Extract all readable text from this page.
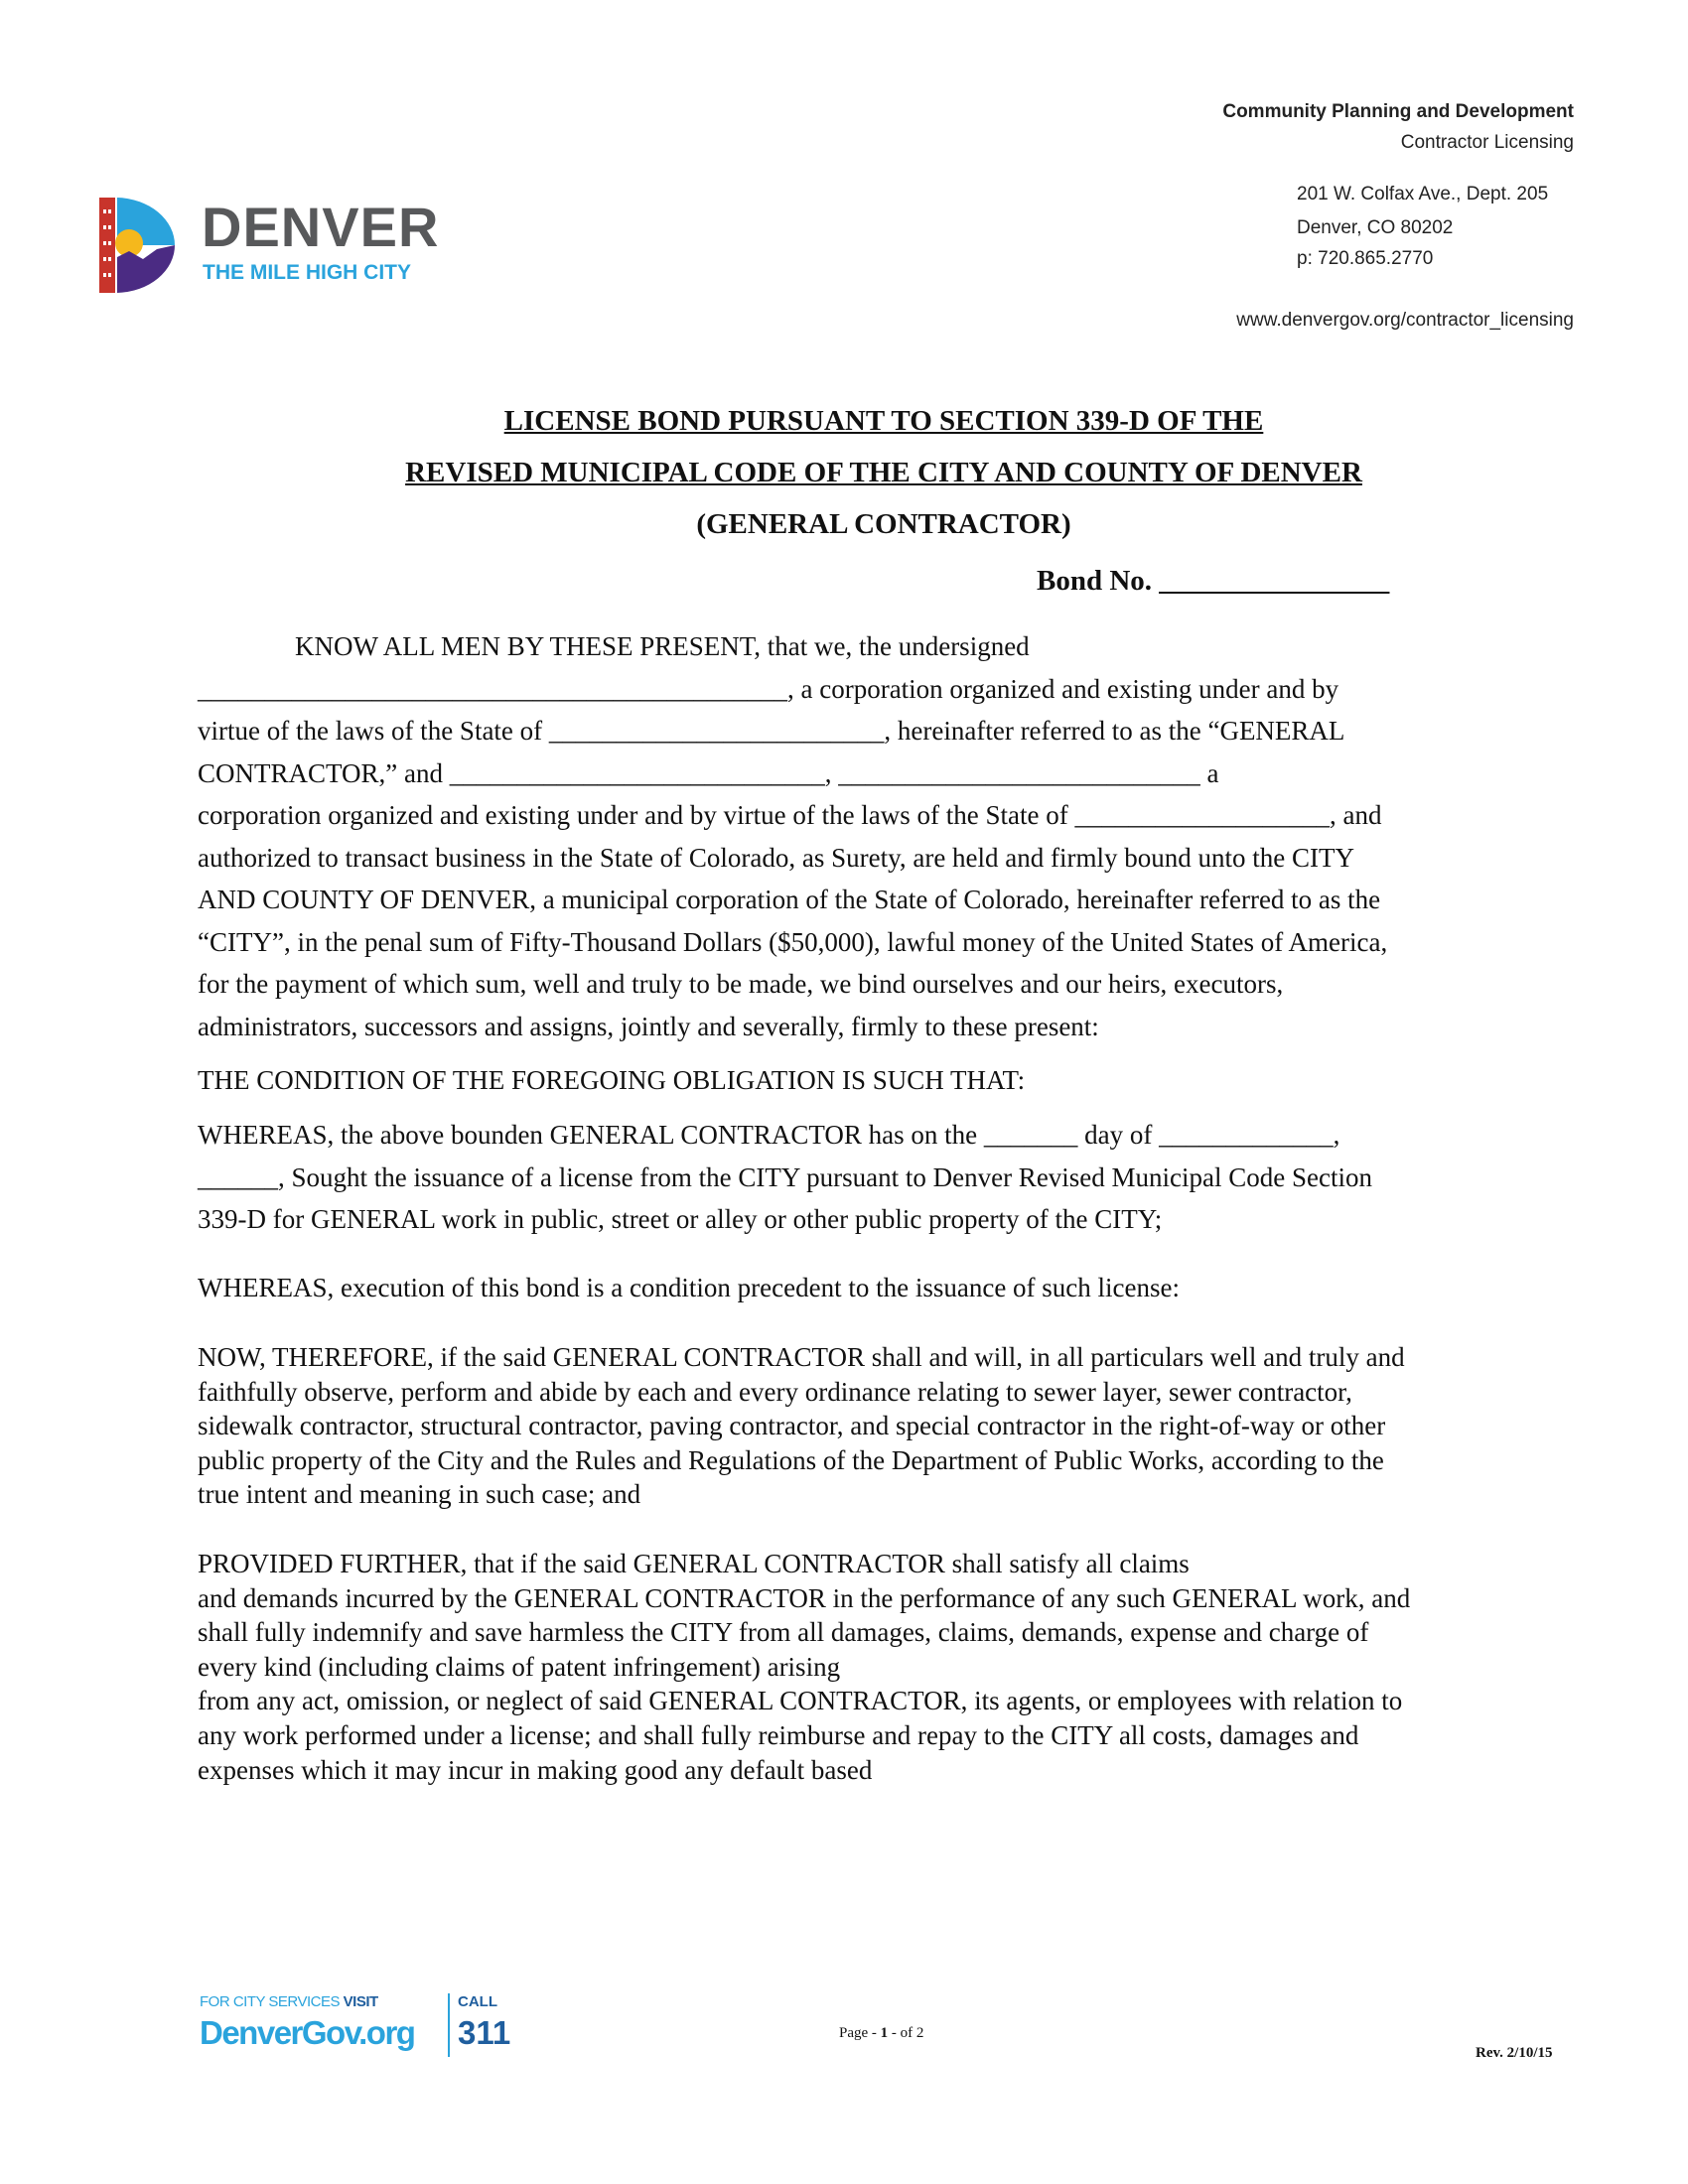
Community Planning and Development
Contractor Licensing
201 W. Colfax Ave., Dept. 205
Denver, CO 80202
p: 720.865.2770
www.denvergov.org/contractor_licensing
DENVER
THE MILE HIGH CITY
LICENSE BOND PURSUANT TO SECTION 339-D OF THE
REVISED MUNICIPAL CODE OF THE CITY AND COUNTY OF DENVER
(GENERAL CONTRACTOR)
Bond No. ________________
KNOW ALL MEN BY THESE PRESENT, that we, the undersigned
____________________________________________, a corporation organized and existing under and by
virtue of the laws of the State of _________________________, hereinafter referred to as the “GENERAL
CONTRACTOR,” and ____________________________, ___________________________ a
corporation organized and existing under and by virtue of the laws of the State of ___________________, and
authorized to transact business in the State of Colorado, as Surety, are held and firmly bound unto the CITY
AND COUNTY OF DENVER, a municipal corporation of the State of Colorado, hereinafter referred to as the
“CITY”, in the penal sum of Fifty-Thousand Dollars ($50,000), lawful money of the United States of America,
for the payment of which sum, well and truly to be made, we bind ourselves and our heirs, executors,
administrators, successors and assigns, jointly and severally, firmly to these present:
THE CONDITION OF THE FOREGOING OBLIGATION IS SUCH THAT:
WHEREAS, the above bounden GENERAL CONTRACTOR has on the _______ day of _____________,
______, Sought the issuance of a license from the CITY pursuant to Denver Revised Municipal Code Section
339-D for GENERAL work in public, street or alley or other public property of the CITY;
WHEREAS, execution of this bond is a condition precedent to the issuance of such license:
NOW, THEREFORE, if the said GENERAL CONTRACTOR shall and will, in all particulars well and truly and
faithfully observe, perform and abide by each and every ordinance relating to sewer layer, sewer contractor,
sidewalk contractor, structural contractor, paving contractor, and special contractor in the right-of-way or other
public property of the City and the Rules and Regulations of the Department of Public Works, according to the
true intent and meaning in such case; and
PROVIDED FURTHER, that if the said GENERAL CONTRACTOR shall satisfy all claims
and demands incurred by the GENERAL CONTRACTOR in the performance of any such GENERAL work, and
shall fully indemnify and save harmless the CITY from all damages, claims, demands, expense and charge of
every kind (including claims of patent infringement) arising
from any act, omission, or neglect of said GENERAL CONTRACTOR, its agents, or employees with relation to
any work performed under a license; and shall fully reimburse and repay to the CITY all costs, damages and
expenses which it may incur in making good any default based
FOR CITY SERVICES VISIT
DenverGov.org
CALL
311	Page - 1 - of 2
Rev. 2/10/15
